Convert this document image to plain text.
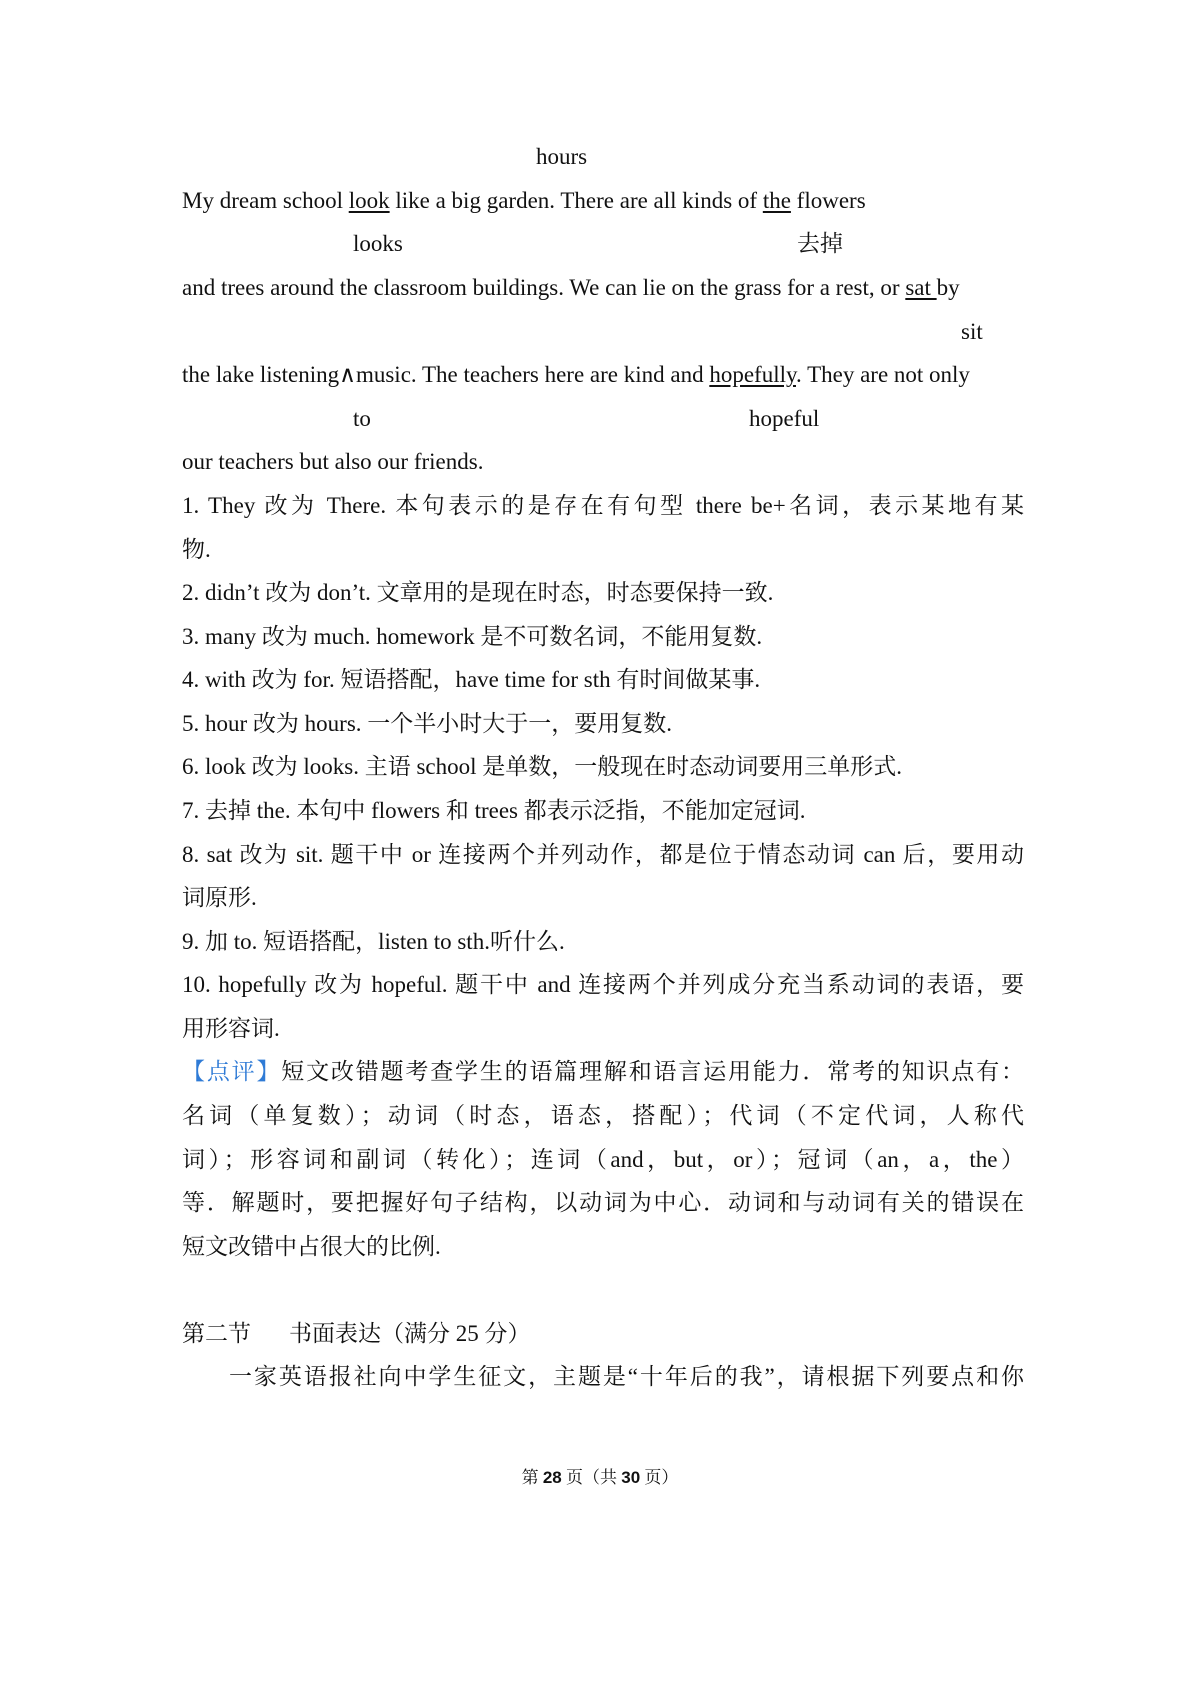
hours
My dream school look like a big garden. There are all kinds of the flowers
looks	去掉
and trees around the classroom buildings. We can lie on the grass for a rest, or sat by
sit
the lake listening∧music. The teachers here are kind and hopefully. They are not only
to	hopeful
our teachers but also our friends.
1. They 改为 There. 本句表示的是存在有句型 there be+名词，表示某地有某
物.
2. didn’t 改为 don’t. 文章用的是现在时态，时态要保持一致.
3. many 改为 much. homework 是不可数名词，不能用复数.
4. with 改为 for. 短语搭配，have time for sth 有时间做某事.
5. hour 改为 hours. 一个半小时大于一，要用复数.
6. look 改为 looks. 主语 school 是单数，一般现在时态动词要用三单形式.
7. 去掉 the. 本句中 flowers 和 trees 都表示泛指，不能加定冠词.
8. sat 改为 sit. 题干中 or 连接两个并列动作，都是位于情态动词 can 后，要用动
词原形.
9. 加 to. 短语搭配，listen to sth.听什么.
10. hopefully 改为 hopeful. 题干中 and 连接两个并列成分充当系动词的表语，要
用形容词.
【点评】短文改错题考查学生的语篇理解和语言运用能力．常考的知识点有：
名词（单复数）；动词（时态，语态，搭配）；代词（不定代词，人称代
词）；形容词和副词（转化）；连词（and，but，or）；冠词（an，a，the）
等．解题时，要把握好句子结构，以动词为中心．动词和与动词有关的错误在
短文改错中占很大的比例.
第二节 书面表达（满分 25 分）
一家英语报社向中学生征文，主题是“十年后的我”，请根据下列要点和你
第 28 页（共 30 页）
